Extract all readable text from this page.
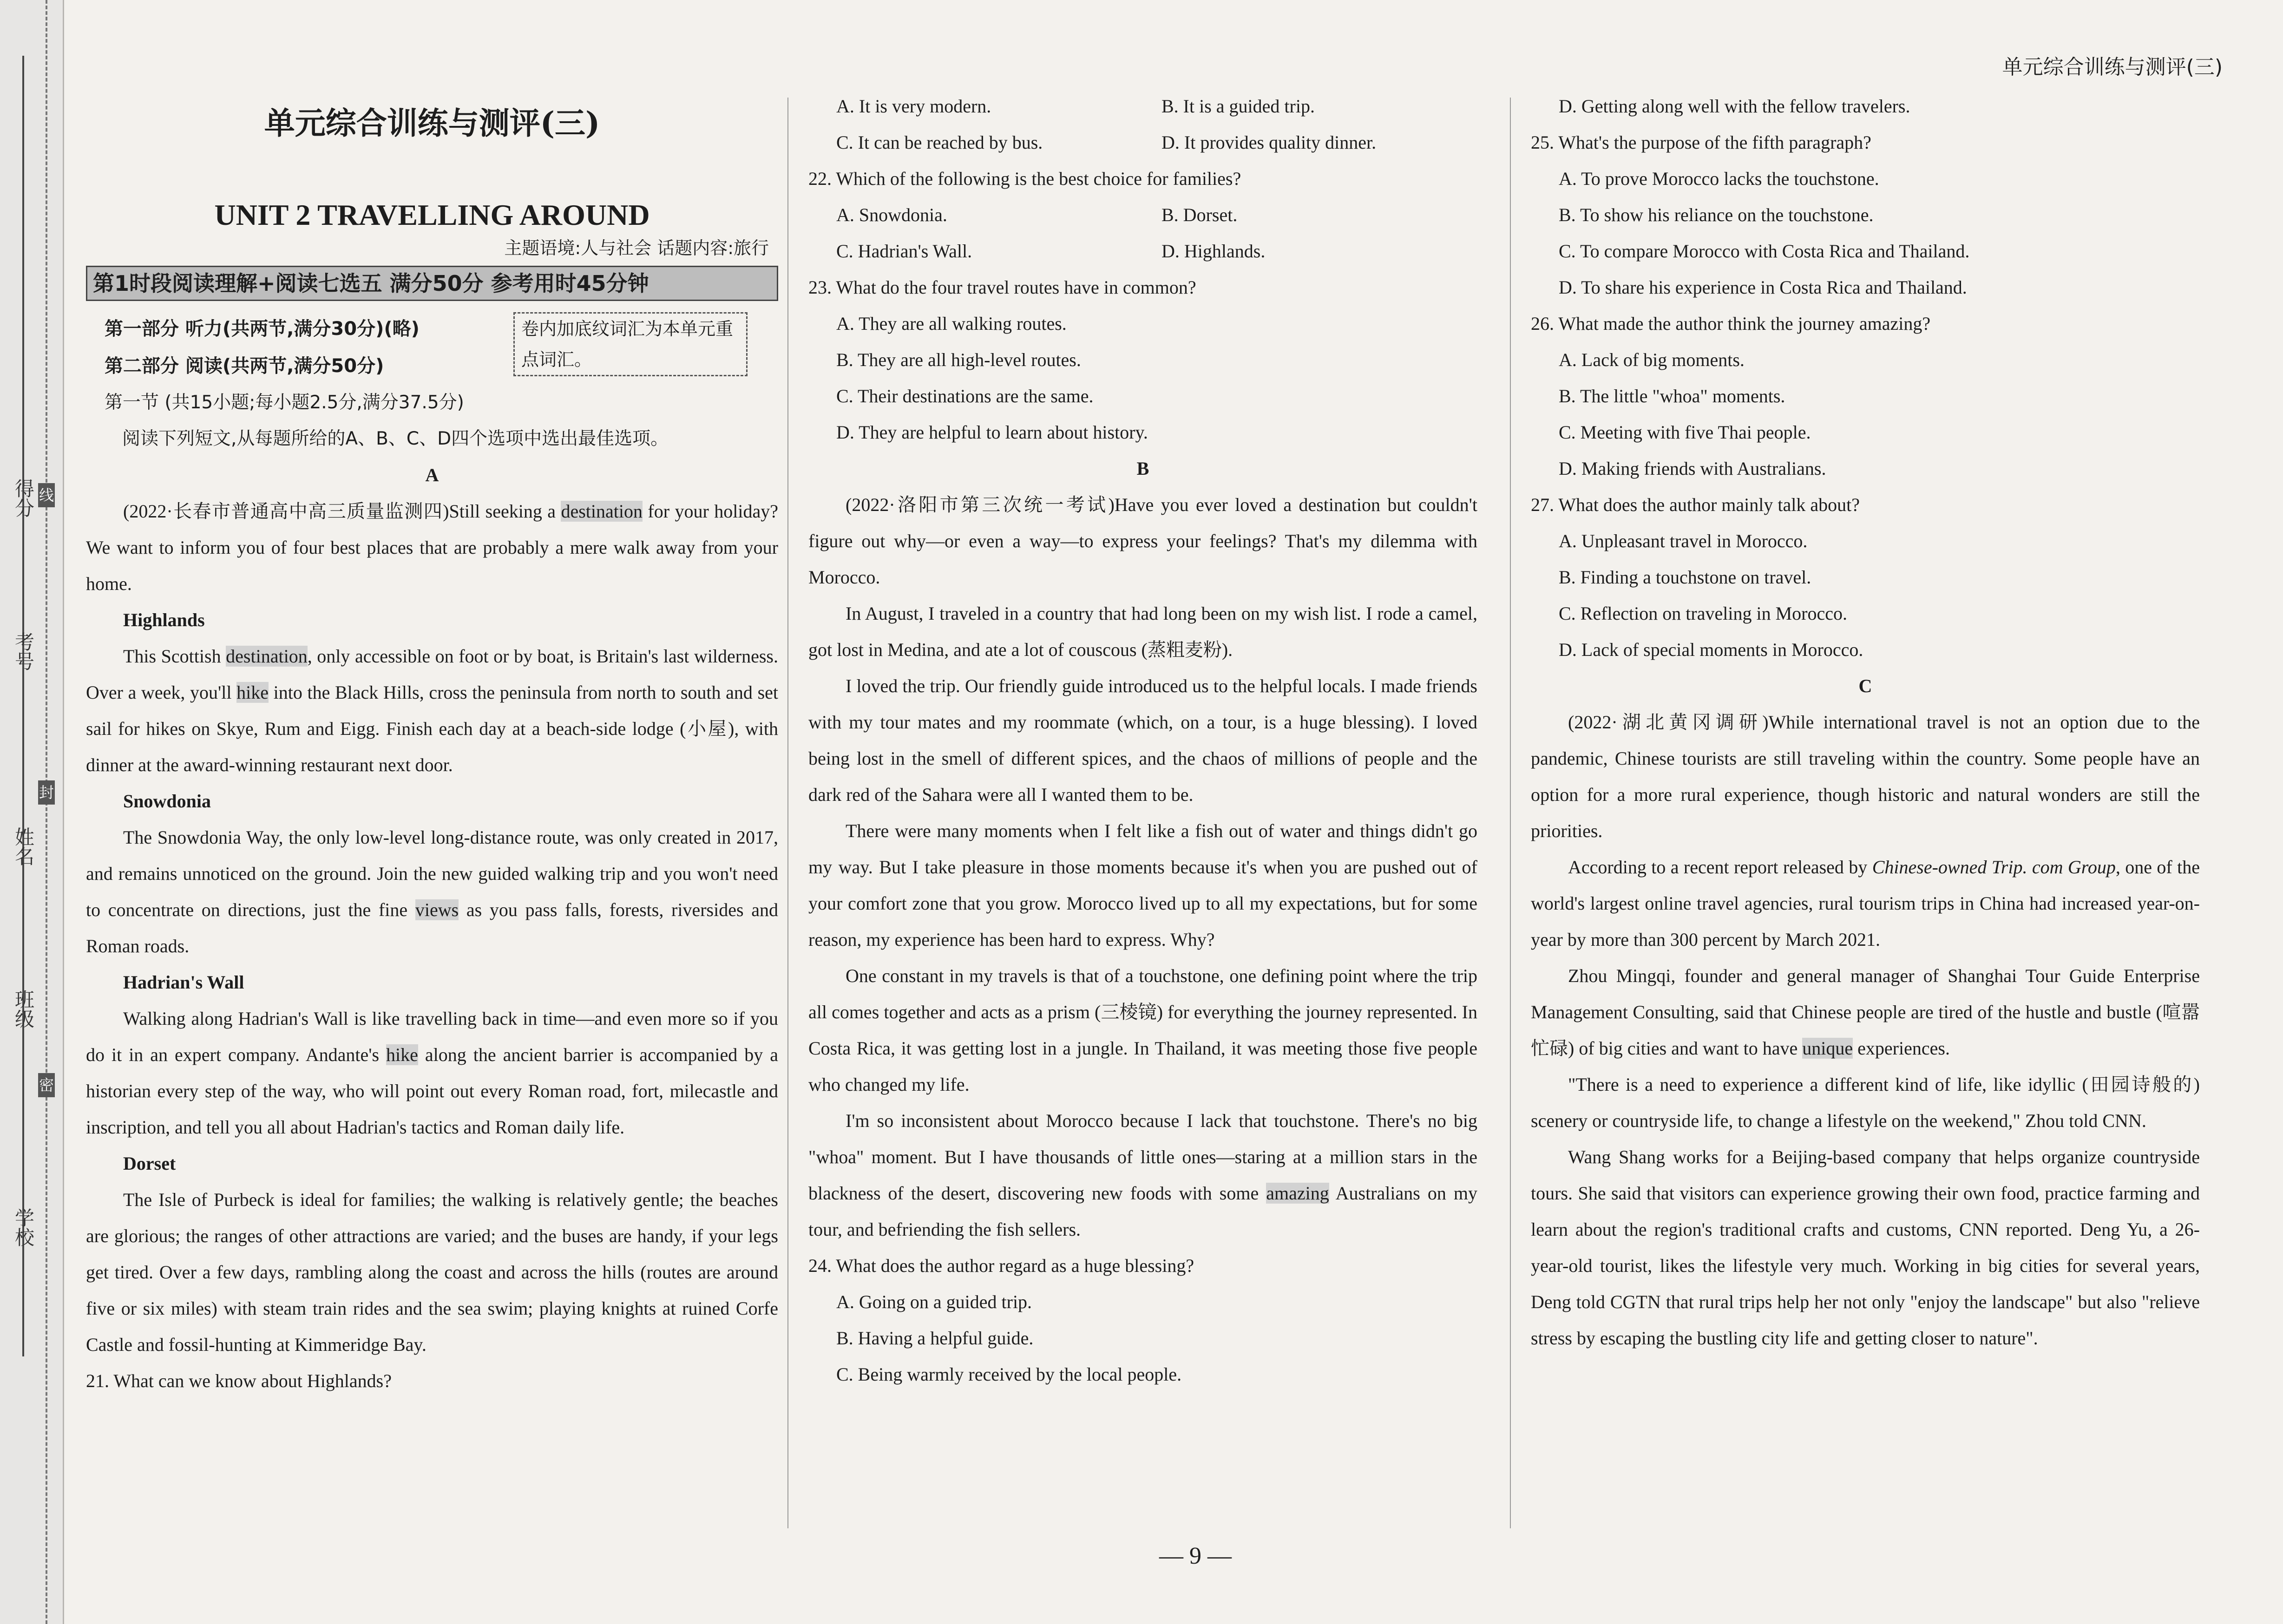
学校
班级
姓名
考号
得分
密
封
线
单元综合训练与测评(三)
单元综合训练与测评(三)
UNIT 2 TRAVELLING AROUND
主题语境:人与社会 话题内容:旅行
第1时段阅读理解+阅读七选五 满分50分 参考用时45分钟
第一部分 听力(共两节,满分30分)(略)
第二部分 阅读(共两节,满分50分)
卷内加底纹词汇为本单元重点词汇。

第一节 (共15小题;每小题2.5分,满分37.5分)

阅读下列短文,从每题所给的A、B、C、D四个选项中选出最佳选项。

A

(2022·长春市普通高中高三质量监测四)Still seeking a destination for your holiday? We want to inform you of four best places that are probably a mere walk away from your home.

Highlands

This Scottish destination, only accessible on foot or by boat, is Britain's last wilderness. Over a week, you'll hike into the Black Hills, cross the peninsula from north to south and set sail for hikes on Skye, Rum and Eigg. Finish each day at a beach-side lodge (小屋), with dinner at the award-winning restaurant next door.

Snowdonia

The Snowdonia Way, the only low-level long-distance route, was only created in 2017, and remains unnoticed on the ground. Join the new guided walking trip and you won't need to concentrate on directions, just the fine views as you pass falls, forests, riversides and Roman roads.

Hadrian's Wall

Walking along Hadrian's Wall is like travelling back in time—and even more so if you do it in an expert company. Andante's hike along the ancient barrier is accompanied by a historian every step of the way, who will point out every Roman road, fort, milecastle and inscription, and tell you all about Hadrian's tactics and Roman daily life.

Dorset

The Isle of Purbeck is ideal for families; the walking is relatively gentle; the beaches are glorious; the ranges of other attractions are varied; and the buses are handy, if your legs get tired. Over a few days, rambling along the coast and across the hills (routes are around five or six miles) with steam train rides and the sea swim; playing knights at ruined Corfe Castle and fossil-hunting at Kimmeridge Bay.

21. What can we know about Highlands?

A. It is very modern.	B. It is a guided trip.
C. It can be reached by bus.	D. It provides quality dinner.

22. Which of the following is the best choice for families?

A. Snowdonia.	B. Dorset.
C. Hadrian's Wall.	D. Highlands.

23. What do the four travel routes have in common?

A. They are all walking routes.

B. They are all high-level routes.

C. Their destinations are the same.

D. They are helpful to learn about history.

B

(2022·洛阳市第三次统一考试)Have you ever loved a destination but couldn't figure out why—or even a way—to express your feelings? That's my dilemma with Morocco.

In August, I traveled in a country that had long been on my wish list. I rode a camel, got lost in Medina, and ate a lot of couscous (蒸粗麦粉).

I loved the trip. Our friendly guide introduced us to the helpful locals. I made friends with my tour mates and my roommate (which, on a tour, is a huge blessing). I loved being lost in the smell of different spices, and the chaos of millions of people and the dark red of the Sahara were all I wanted them to be.

There were many moments when I felt like a fish out of water and things didn't go my way. But I take pleasure in those moments because it's when you are pushed out of your comfort zone that you grow. Morocco lived up to all my expectations, but for some reason, my experience has been hard to express. Why?

One constant in my travels is that of a touchstone, one defining point where the trip all comes together and acts as a prism (三棱镜) for everything the journey represented. In Costa Rica, it was getting lost in a jungle. In Thailand, it was meeting those five people who changed my life.

I'm so inconsistent about Morocco because I lack that touchstone. There's no big "whoa" moment. But I have thousands of little ones—staring at a million stars in the blackness of the desert, discovering new foods with some amazing Australians on my tour, and befriending the fish sellers.

24. What does the author regard as a huge blessing?

A. Going on a guided trip.

B. Having a helpful guide.

C. Being warmly received by the local people.

D. Getting along well with the fellow travelers.

25. What's the purpose of the fifth paragraph?

A. To prove Morocco lacks the touchstone.

B. To show his reliance on the touchstone.

C. To compare Morocco with Costa Rica and Thailand.

D. To share his experience in Costa Rica and Thailand.

26. What made the author think the journey amazing?

A. Lack of big moments.

B. The little "whoa" moments.

C. Meeting with five Thai people.

D. Making friends with Australians.

27. What does the author mainly talk about?

A. Unpleasant travel in Morocco.

B. Finding a touchstone on travel.

C. Reflection on traveling in Morocco.

D. Lack of special moments in Morocco.

C

(2022·湖北黄冈调研)While international travel is not an option due to the pandemic, Chinese tourists are still traveling within the country. Some people have an option for a more rural experience, though historic and natural wonders are still the priorities.

According to a recent report released by Chinese-owned Trip. com Group, one of the world's largest online travel agencies, rural tourism trips in China had increased year-on-year by more than 300 percent by March 2021.

Zhou Mingqi, founder and general manager of Shanghai Tour Guide Enterprise Management Consulting, said that Chinese people are tired of the hustle and bustle (喧嚣忙碌) of big cities and want to have unique experiences.

"There is a need to experience a different kind of life, like idyllic (田园诗般的) scenery or countryside life, to change a lifestyle on the weekend," Zhou told CNN.

Wang Shang works for a Beijing-based company that helps organize countryside tours. She said that visitors can experience growing their own food, practice farming and learn about the region's traditional crafts and customs, CNN reported. Deng Yu, a 26-year-old tourist, likes the lifestyle very much. Working in big cities for several years, Deng told CGTN that rural trips help her not only "enjoy the landscape" but also "relieve stress by escaping the bustling city life and getting closer to nature".

— 9 —
